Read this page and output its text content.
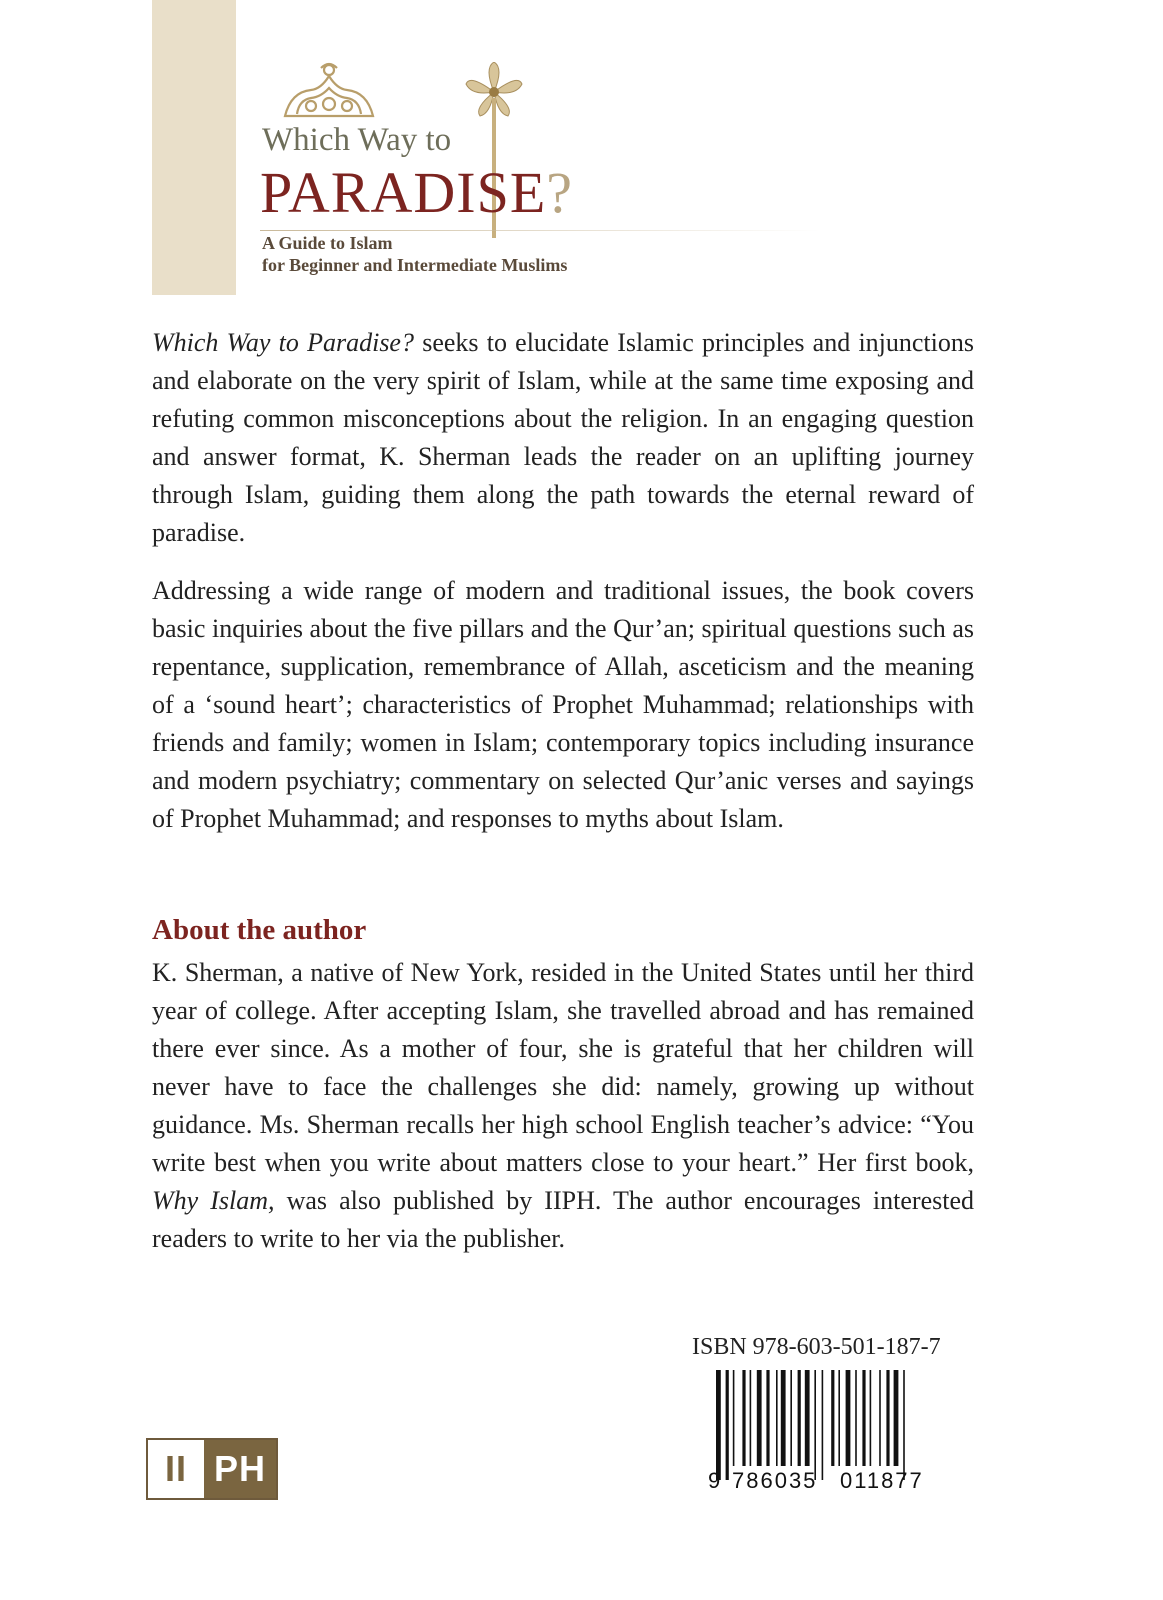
Which Way to
PARADISE?
A Guide to Islam
for Beginner and Intermediate Muslims

Which Way to Paradise? seeks to elucidate Islamic principles and injunctions and elaborate on the very spirit of Islam, while at the same time exposing and refuting common misconceptions about the religion. In an engaging question and answer format, K. Sherman leads the reader on an uplifting journey through Islam, guiding them along the path towards the eternal reward of paradise.

Addressing a wide range of modern and traditional issues, the book covers basic inquiries about the five pillars and the Qur’an; spiritual questions such as repentance, supplication, remembrance of Allah, asceticism and the meaning of a ‘sound heart’; characteristics of Prophet Muhammad; relationships with friends and family; women in Islam; contemporary topics including insurance and modern psychiatry; commentary on selected Qur’anic verses and sayings of Prophet Muhammad; and responses to myths about Islam.

About the author

K. Sherman, a native of New York, resided in the United States until her third year of college. After accepting Islam, she travelled abroad and has remained there ever since. As a mother of four, she is grateful that her children will never have to face the challenges she did: namely, growing up without guidance. Ms. Sherman recalls her high school English teacher’s advice: “You write best when you write about matters close to your heart.” Her first book, Why Islam, was also published by IIPH. The author encourages interested readers to write to her via the publisher.

ISBN 978-603-501-187-7
9 786035 011877
II PH
